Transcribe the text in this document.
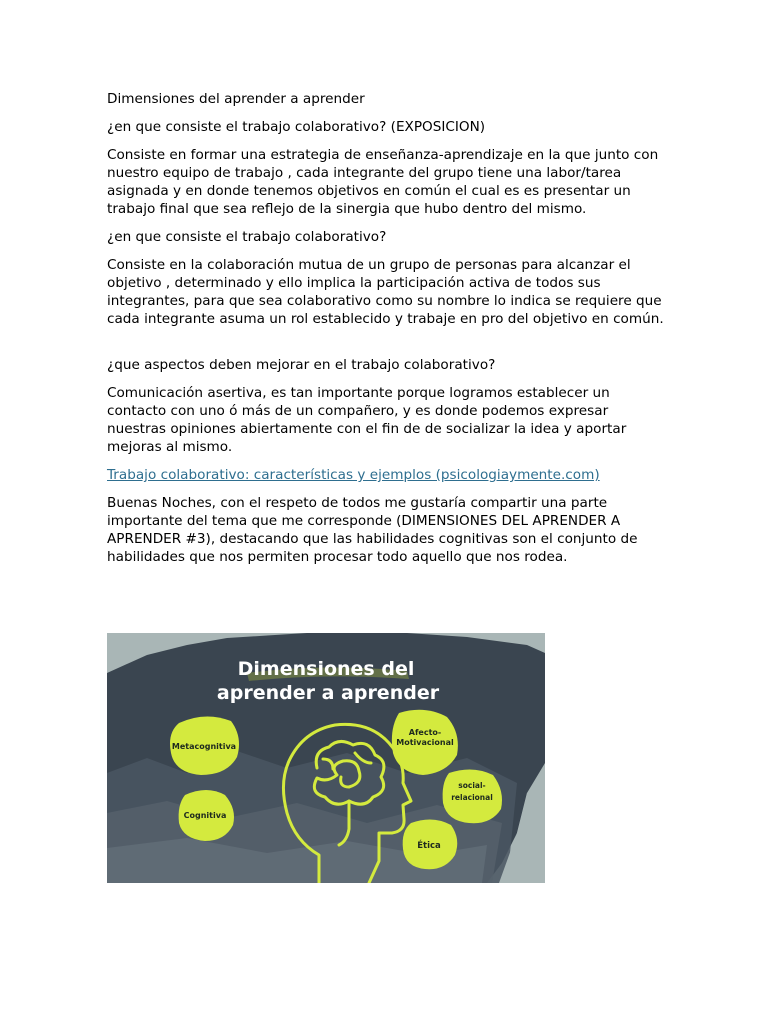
Dimensiones del aprender a aprender

¿en que consiste el trabajo colaborativo? (EXPOSICION)

Consiste en formar una estrategia de enseñanza-aprendizaje en la que junto con nuestro equipo de trabajo , cada integrante del grupo tiene una labor/tarea asignada y en donde tenemos objetivos en común el cual es es presentar un trabajo final que sea reflejo de la sinergia que hubo dentro del mismo.

¿en que consiste el trabajo colaborativo?

Consiste en la colaboración mutua de un grupo de personas para alcanzar el objetivo , determinado y ello implica la participación activa de todos sus integrantes, para que sea colaborativo como su nombre lo indica se requiere que cada integrante asuma un rol establecido y trabaje en pro del objetivo en común.

¿que aspectos deben mejorar en el trabajo colaborativo?

Comunicación asertiva, es tan importante porque logramos establecer un contacto con uno ó más de un compañero, y es donde podemos expresar nuestras opiniones abiertamente con el fin de de socializar la idea y aportar mejoras al mismo.

Trabajo colaborativo: características y ejemplos (psicologiaymente.com)

Buenas Noches, con el respeto de todos me gustaría compartir una parte importante del tema que me corresponde (DIMENSIONES DEL APRENDER A APRENDER #3), destacando que las habilidades cognitivas son el conjunto de habilidades que nos permiten procesar todo aquello que nos rodea.

Dimensiones del
aprender a aprender
Metacognitiva
Afecto-
Motivacional
social-
relacional
Cognitiva
Ética
